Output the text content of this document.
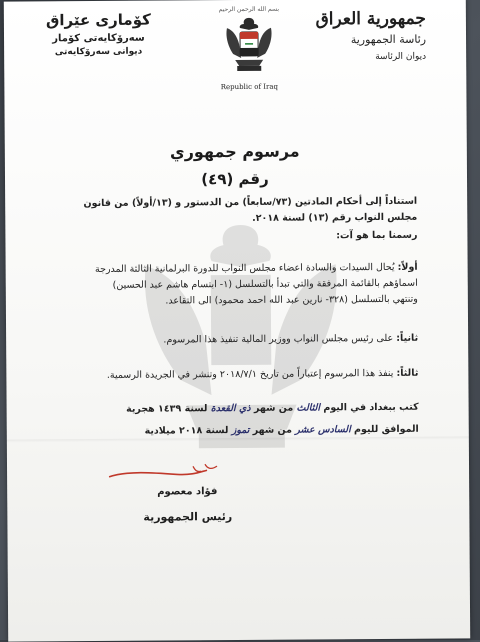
جمهورية العراق
رئاسة الجمهورية
ديوان الرئاسة
كۆماری عێراق
سەرۆكایەتی كۆمار
دیوانی سەرۆكایەتی
بسم الله الرحمن الرحيم
Republic of Iraq
مرسوم جمهوري
رقم (٤٩)
استناداً إلى أحكام المادتين (٧٣/سابعاً) من الدستور و (١٣/أولاً) من قانون
مجلس النواب رقم (١٣) لسنة ٢٠١٨.
رسمنا بما هو آت:
أولاً: يُحال السيدات والسادة اعضاء مجلس النواب للدورة البرلمانية الثالثة المدرجة
اسماؤهم بالقائمة المرفقة والتي تبدأ بالتسلسل (١- ابتسام هاشم عبد الحسين)
وتنتهي بالتسلسل (٣٢٨- نارين عبد الله احمد محمود) الى التقاعد.
ثانياً: على رئيس مجلس النواب ووزير المالية تنفيذ هذا المرسوم.
ثالثاً: ينفذ هذا المرسوم إعتباراً من تاريخ ٢٠١٨/٧/١ وتنشر في الجريدة الرسمية.
كتب ببغداد في اليوم الثالث من شهر ذي القعدة لسنة ١٤٣٩ هجرية
الموافق لليوم السادس عشر من شهر تموز لسنة ٢٠١٨ ميلادية
فؤاد معصوم
رئيس الجمهورية
